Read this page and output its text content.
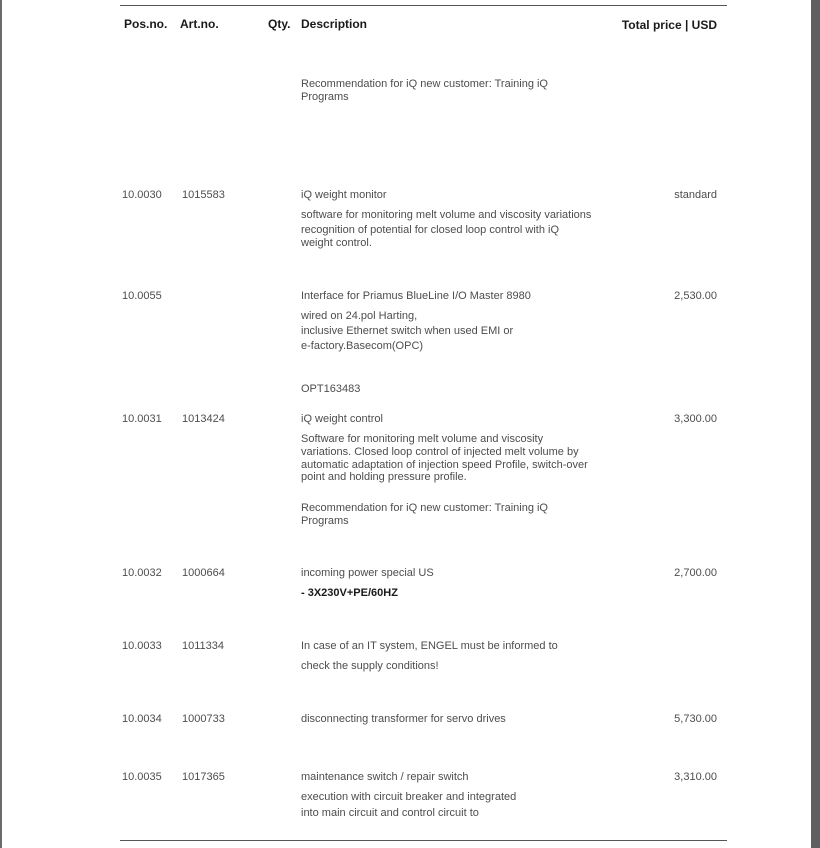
Pos.no. Art.no.	Qty. Description	Total price | USD
Recommendation for iQ new customer: Training iQ
Programs
10.0030 1015583	iQ weight monitor	standard
software for monitoring melt volume and viscosity variations
recognition of potential for closed loop control with iQ
weight control.
10.0055	Interface for Priamus BlueLine I/O Master 8980	2,530.00
wired on 24.pol Harting,
inclusive Ethernet switch when used EMI or
e-factory.Basecom(OPC)
OPT163483
10.0031 1013424	iQ weight control	3,300.00
Software for monitoring melt volume and viscosity
variations. Closed loop control of injected melt volume by
automatic adaptation of injection speed Profile, switch-over
point and holding pressure profile.
Recommendation for iQ new customer: Training iQ
Programs
10.0032 1000664	incoming power special US	2,700.00
- 3X230V+PE/60HZ
10.0033 1011334	In case of an IT system, ENGEL must be informed to
check the supply conditions!
10.0034 1000733	disconnecting transformer for servo drives	5,730.00
10.0035 1017365	maintenance switch / repair switch	3,310.00
execution with circuit breaker and integrated
into main circuit and control circuit to
